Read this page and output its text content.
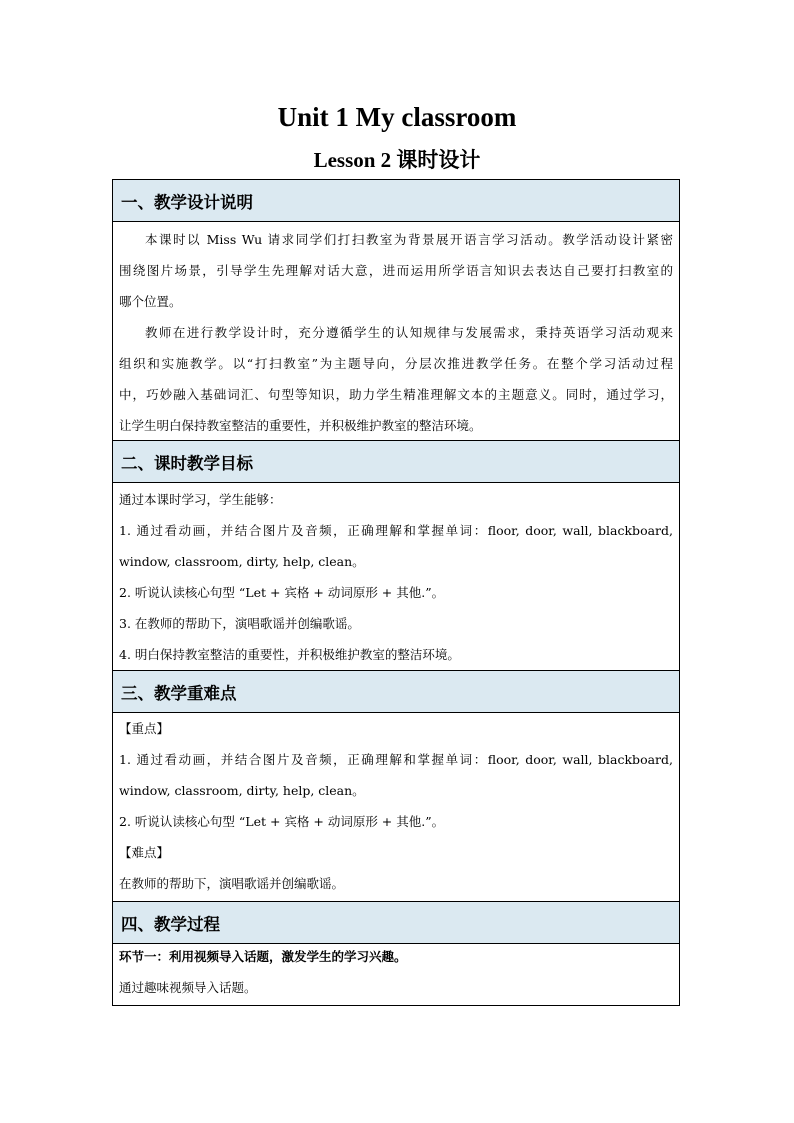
Unit 1 My classroom
Lesson 2 课时设计
一、教学设计说明
本课时以 Miss Wu 请求同学们打扫教室为背景展开语言学习活动。教学活动设计紧密
围绕图片场景，引导学生先理解对话大意，进而运用所学语言知识去表达自己要打扫教室的
哪个位置。
教师在进行教学设计时，充分遵循学生的认知规律与发展需求，秉持英语学习活动观来
组织和实施教学。以“打扫教室”为主题导向，分层次推进教学任务。在整个学习活动过程
中，巧妙融入基础词汇、句型等知识，助力学生精准理解文本的主题意义。同时，通过学习，
让学生明白保持教室整洁的重要性，并积极维护教室的整洁环境。
二、课时教学目标
通过本课时学习，学生能够：
1. 通过看动画，并结合图片及音频，正确理解和掌握单词：floor, door, wall, blackboard,
window, classroom, dirty, help, clean。
2. 听说认读核心句型 “Let + 宾格 + 动词原形 + 其他.”。
3. 在教师的帮助下，演唱歌谣并创编歌谣。
4. 明白保持教室整洁的重要性，并积极维护教室的整洁环境。
三、教学重难点
【重点】
1. 通过看动画，并结合图片及音频，正确理解和掌握单词：floor, door, wall, blackboard,
window, classroom, dirty, help, clean。
2. 听说认读核心句型 “Let + 宾格 + 动词原形 + 其他.”。
【难点】
在教师的帮助下，演唱歌谣并创编歌谣。
四、教学过程
环节一：利用视频导入话题，激发学生的学习兴趣。
通过趣味视频导入话题。
